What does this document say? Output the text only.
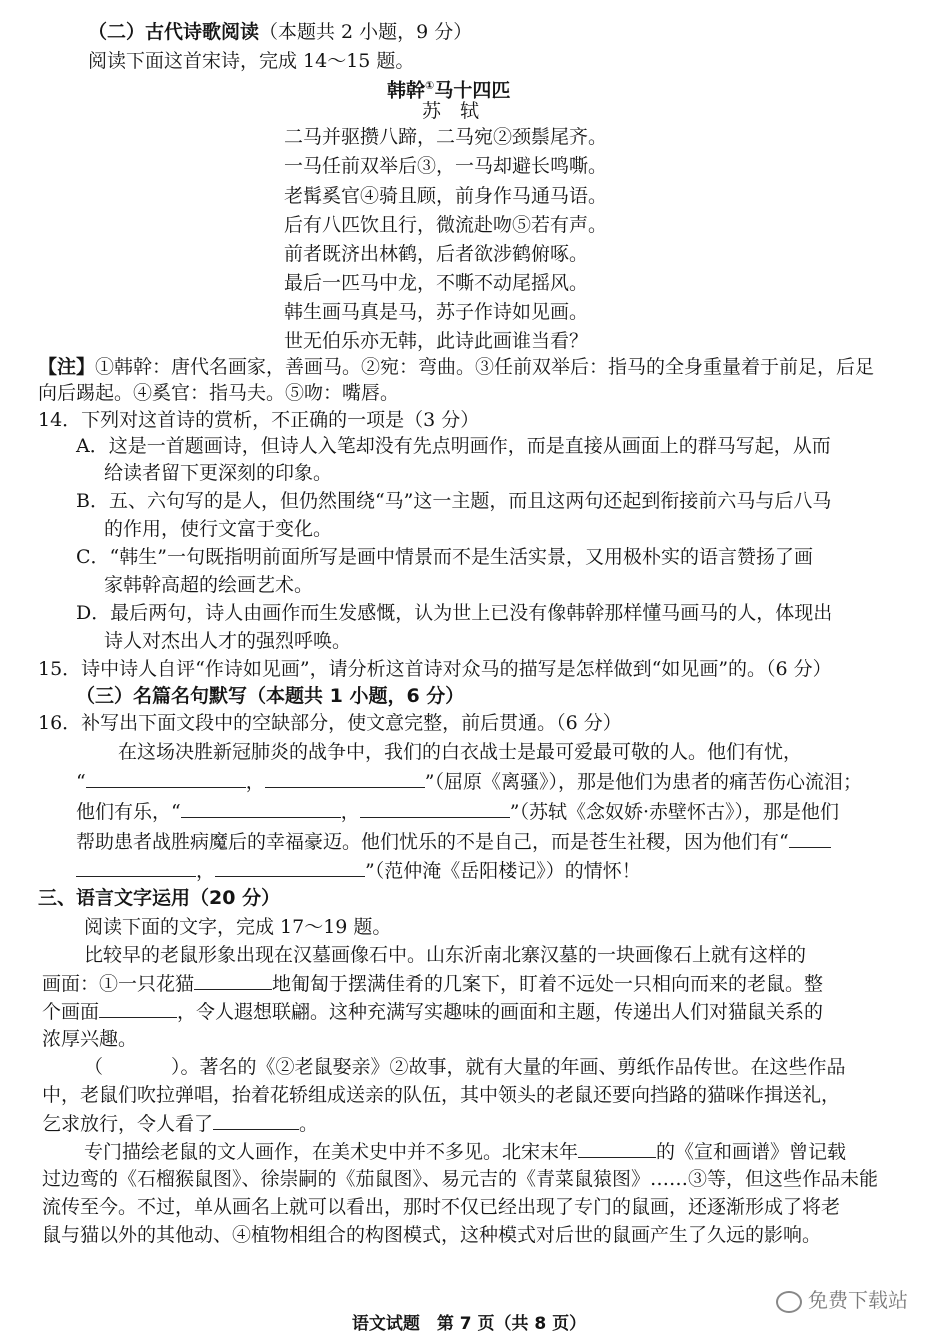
（二）古代诗歌阅读（本题共 2 小题，9 分）
阅读下面这首宋诗，完成 14～15 题。
韩幹①马十四匹
苏　轼
二马并驱攒八蹄，二马宛②颈鬃尾齐。
一马任前双举后③，一马却避长鸣嘶。
老髯奚官④骑且顾，前身作马通马语。
后有八匹饮且行，微流赴吻⑤若有声。
前者既济出林鹤，后者欲涉鹤俯啄。
最后一匹马中龙，不嘶不动尾摇风。
韩生画马真是马，苏子作诗如见画。
世无伯乐亦无韩，此诗此画谁当看？
【注】①韩幹：唐代名画家，善画马。②宛：弯曲。③任前双举后：指马的全身重量着于前足，后足
向后踢起。④奚官：指马夫。⑤吻：嘴唇。
14．下列对这首诗的赏析，不正确的一项是（3 分）
A．这是一首题画诗，但诗人入笔却没有先点明画作，而是直接从画面上的群马写起，从而
给读者留下更深刻的印象。
B．五、六句写的是人，但仍然围绕“马”这一主题，而且这两句还起到衔接前六马与后八马
的作用，使行文富于变化。
C．“韩生”一句既指明前面所写是画中情景而不是生活实景，又用极朴实的语言赞扬了画
家韩幹高超的绘画艺术。
D．最后两句，诗人由画作而生发感慨，认为世上已没有像韩幹那样懂马画马的人，体现出
诗人对杰出人才的强烈呼唤。
15．诗中诗人自评“作诗如见画”，请分析这首诗对众马的描写是怎样做到“如见画”的。（6 分）
（三）名篇名句默写（本题共 1 小题，6 分）
16．补写出下面文段中的空缺部分，使文意完整，前后贯通。（6 分）
在这场决胜新冠肺炎的战争中，我们的白衣战士是最可爱最可敬的人。他们有忧，
“	，	”（屈原《离骚》），那是他们为患者的痛苦伤心流泪；
他们有乐，“	，	”（苏轼《念奴娇·赤壁怀古》），那是他们
帮助患者战胜病魔后的幸福豪迈。他们忧乐的不是自己，而是苍生社稷，因为他们有“
，	”（范仲淹《岳阳楼记》）的情怀！
三、语言文字运用（20 分）
阅读下面的文字，完成 17～19 题。
比较早的老鼠形象出现在汉墓画像石中。山东沂南北寨汉墓的一块画像石上就有这样的
画面：①一只花猫	地匍匐于摆满佳肴的几案下，盯着不远处一只相向而来的老鼠。整
个画面	，令人遐想联翩。这种充满写实趣味的画面和主题，传递出人们对猫鼠关系的
浓厚兴趣。
（	）。著名的《②老鼠娶亲》②故事，就有大量的年画、剪纸作品传世。在这些作品
中，老鼠们吹拉弹唱，抬着花轿组成送亲的队伍，其中领头的老鼠还要向挡路的猫咪作揖送礼，
乞求放行，令人看了	。
专门描绘老鼠的文人画作，在美术史中并不多见。北宋末年	的《宣和画谱》曾记载
过边鸾的《石榴猴鼠图》、徐崇嗣的《茄鼠图》、易元吉的《青菜鼠猿图》……③等，但这些作品未能
流传至今。不过，单从画名上就可以看出，那时不仅已经出现了专门的鼠画，还逐渐形成了将老
鼠与猫以外的其他动、④植物相组合的构图模式，这种模式对后世的鼠画产生了久远的影响。
语文试题　第 7 页（共 8 页）
免费下载站
